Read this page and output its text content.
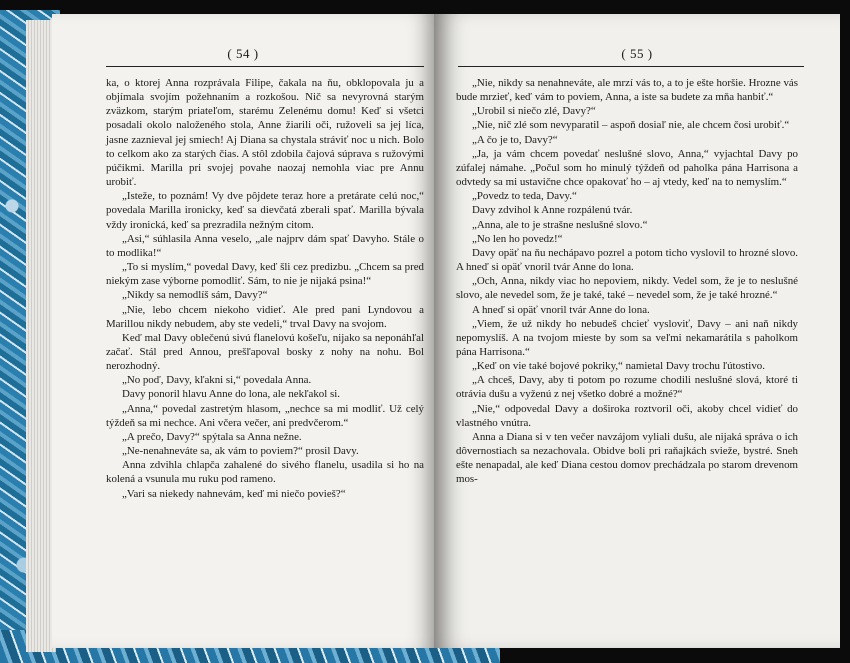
( 54 )

ka, o ktorej Anna rozprávala Filipe, čakala na ňu, obklopovala ju a objímala svojím požehnaním a rozkošou. Nič sa nevyrovná starým zväzkom, starým priateľom, starému Zelenému domu! Keď si všetci posadali okolo naloženého stola, Anne žiarili oči, ružoveli sa jej líca, jasne zaznieval jej smiech! Aj Diana sa chystala stráviť noc u nich. Bolo to celkom ako za starých čias. A stôl zdobila čajová súprava s ružovými púčikmi. Marilla pri svojej povahe naozaj nemohla viac pre Annu urobiť.

„Isteže, to poznám! Vy dve pôjdete teraz hore a pretárate celú noc,“ povedala Marilla ironicky, keď sa dievčatá zberali spať. Marilla bývala vždy ironická, keď sa prezradila nežným citom.

„Asi,“ súhlasila Anna veselo, „ale najprv dám spať Davyho. Stále o to modlika!“

„To si myslím,“ povedal Davy, keď šli cez predizbu. „Chcem sa pred niekým zase výborne pomodliť. Sám, to nie je nijaká psina!“

„Nikdy sa nemodlíš sám, Davy?“

„Nie, lebo chcem niekoho vidieť. Ale pred pani Lyndovou a Marillou nikdy nebudem, aby ste vedeli,“ trval Davy na svojom.

Keď mal Davy oblečenú sivú flanelovú košeľu, nijako sa neponáhľal začať. Stál pred Annou, prešľapoval bosky z nohy na nohu. Bol nerozhodný.

„No poď, Davy, kľakni si,“ povedala Anna.

Davy ponoril hlavu Anne do lona, ale nekľakol si.

„Anna,“ povedal zastretým hlasom, „nechce sa mi modliť. Už celý týždeň sa mi nechce. Ani včera večer, ani predvčerom.“

„A prečo, Davy?“ spýtala sa Anna nežne.

„Ne-nenahneváte sa, ak vám to poviem?“ prosil Davy.

Anna zdvihla chlapča zahalené do sivého flanelu, usadila si ho na kolená a vsunula mu ruku pod rameno.

„Vari sa niekedy nahnevám, keď mi niečo povieš?“

( 55 )

„Nie, nikdy sa nenahneváte, ale mrzí vás to, a to je ešte horšie. Hrozne vás bude mrzieť, keď vám to poviem, Anna, a iste sa budete za mňa hanbiť.“

„Urobil si niečo zlé, Davy?“

„Nie, nič zlé som nevyparatil – aspoň dosiaľ nie, ale chcem čosi urobiť.“

„A čo je to, Davy?“

„Ja, ja vám chcem povedať neslušné slovo, Anna,“ vyjachtal Davy po zúfalej námahe. „Počul som ho minulý týždeň od paholka pána Harrisona a odvtedy sa mi ustavične chce opakovať ho – aj vtedy, keď na to nemyslím.“

„Povedz to teda, Davy.“

Davy zdvihol k Anne rozpálenú tvár.

„Anna, ale to je strašne neslušné slovo.“

„No len ho povedz!“

Davy opäť na ňu nechápavo pozrel a potom ticho vyslovil to hrozné slovo. A hneď si opäť vnoril tvár Anne do lona.

„Och, Anna, nikdy viac ho nepoviem, nikdy. Vedel som, že je to neslušné slovo, ale nevedel som, že je také, také – nevedel som, že je také hrozné.“

A hneď si opäť vnoril tvár Anne do lona.

„Viem, že už nikdy ho nebudeš chcieť vysloviť, Davy – ani naň nikdy nepomyslíš. A na tvojom mieste by som sa veľmi nekamarátila s paholkom pána Harrisona.“

„Keď on vie také bojové pokriky,“ namietal Davy trochu ľútostivo.

„A chceš, Davy, aby ti potom po rozume chodili neslušné slová, ktoré ti otrávia dušu a vyženú z nej všetko dobré a možné?“

„Nie,“ odpovedal Davy a doširoka roztvoril oči, akoby chcel vidieť do vlastného vnútra.

Anna a Diana si v ten večer navzájom vyliali dušu, ale nijaká správa o ich dôvernostiach sa nezachovala. Obidve boli pri raňajkách svieže, bystré. Sneh ešte nenapadal, ale keď Diana cestou domov prechádzala po starom drevenom mos-
